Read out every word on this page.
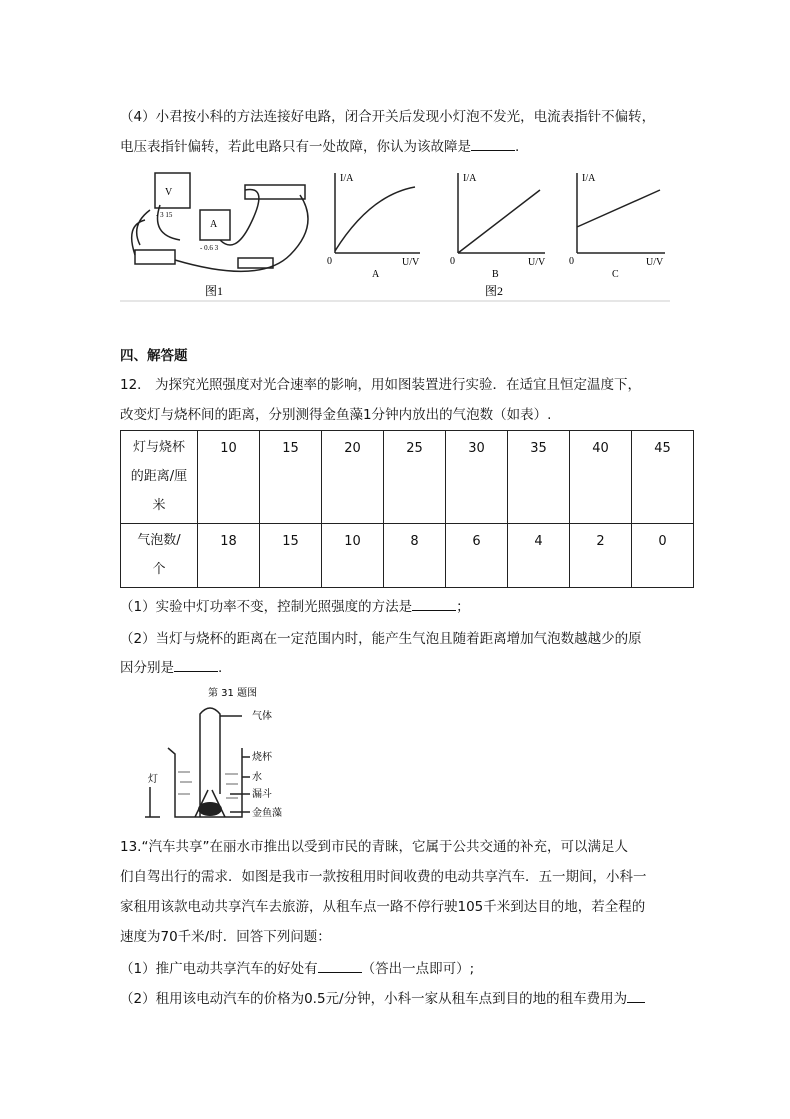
（4）小君按小科的方法连接好电路，闭合开关后发现小灯泡不发光，电流表指针不偏转，
电压表指针偏转，若此电路只有一处故障，你认为该故障是	.
V
A
- 3 15
- 0.6 3
I/A
0	U/V
A
I/A
0	U/V
B
I/A
0	U/V
C
图1	图2
四、解答题
12． 为探究光照强度对光合速率的影响，用如图装置进行实验．在适宜且恒定温度下，
改变灯与烧杯间的距离，分别测得金鱼藻1分钟内放出的气泡数（如表）.
灯与烧杯
的距离/厘
米	10	15	20	25	30	35	40	45

气泡数/
个	18	15	10	8	6	4	2	0
（1）实验中灯功率不变，控制光照强度的方法是	；
（2）当灯与烧杯的距离在一定范围内时，能产生气泡且随着距离增加气泡数越越少的原
因分别是	.
第 31 题图
气体
烧杯
水
漏斗
金鱼藻
灯
13.“汽车共享”在丽水市推出以受到市民的青睐，它属于公共交通的补充，可以满足人
们自驾出行的需求．如图是我市一款按租用时间收费的电动共享汽车．五一期间，小科一
家租用该款电动共享汽车去旅游，从租车点一路不停行驶105千米到达目的地，若全程的
速度为70千米/时．回答下列问题：
（1）推广电动共享汽车的好处有	（答出一点即可）;
（2）租用该电动汽车的价格为0.5元/分钟，小科一家从租车点到目的地的租车费用为
